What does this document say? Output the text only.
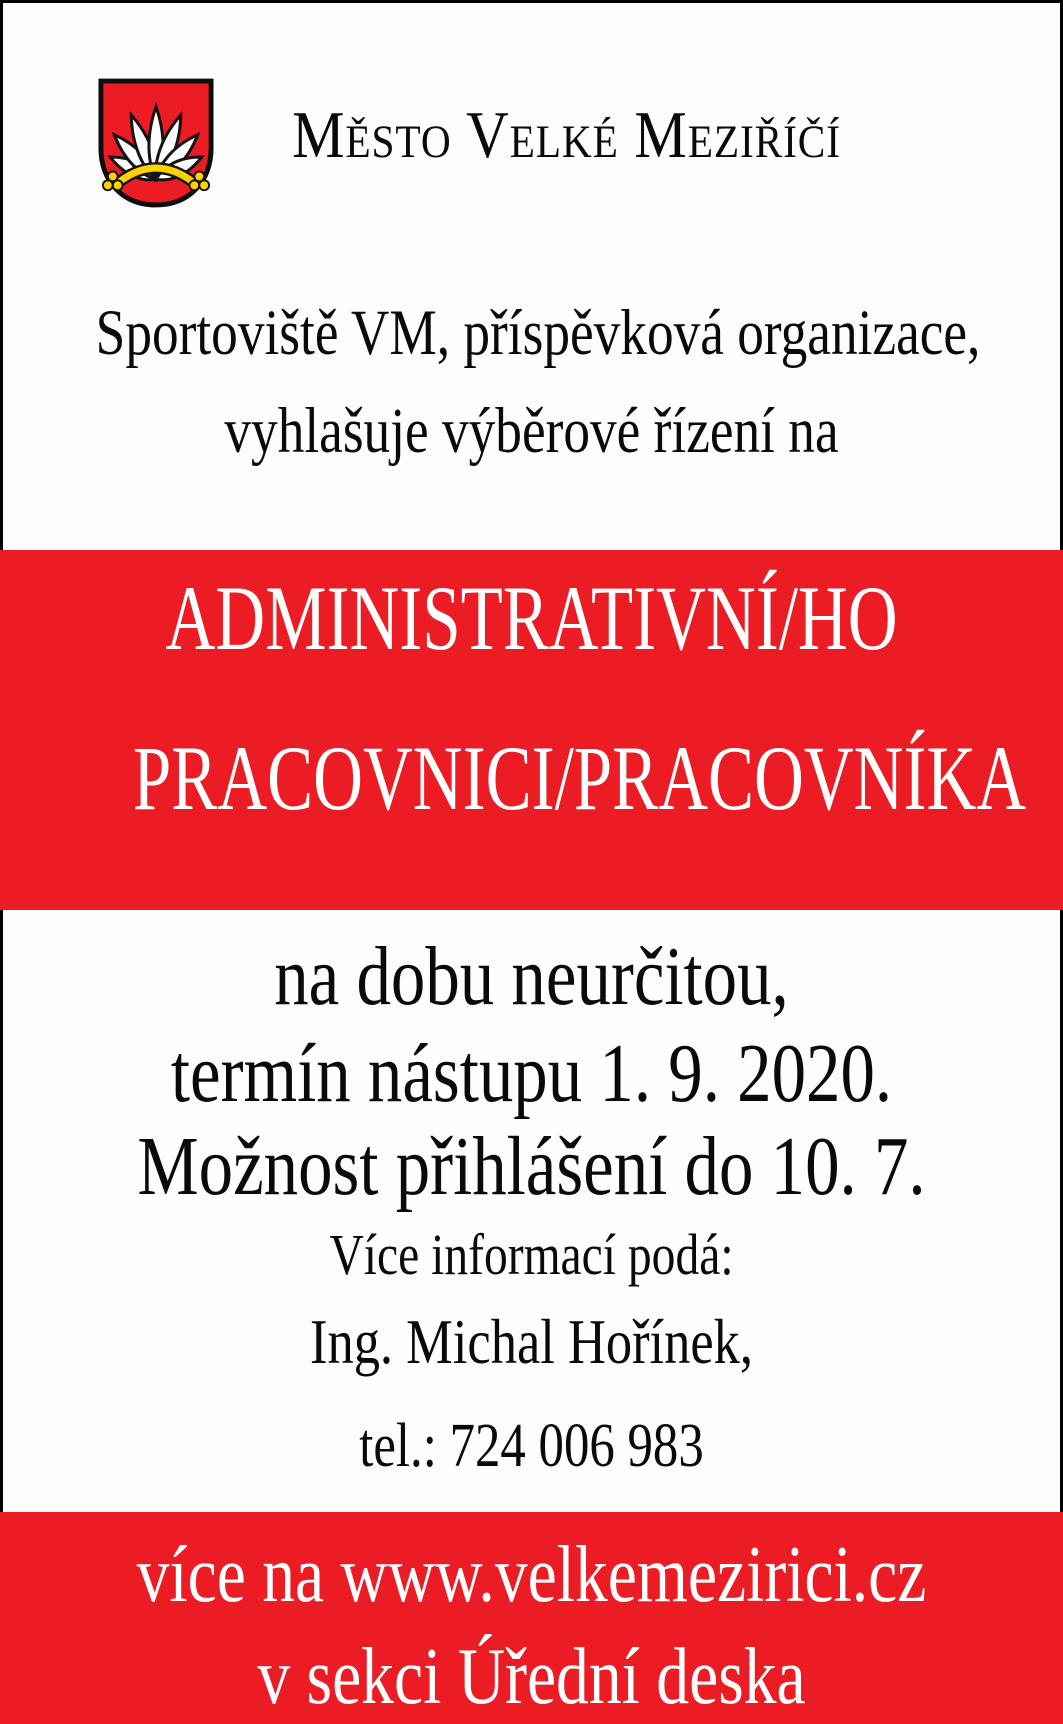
Město Velké Meziříčí
Sportoviště VM, příspěvková organizace,
vyhlašuje výběrové řízení na
ADMINISTRATIVNÍ/HO
PRACOVNICI/PRACOVNÍKA
na dobu neurčitou,
termín nástupu 1. 9. 2020.
Možnost přihlášení do 10. 7.
Více informací podá:
Ing. Michal Hořínek,
tel.: 724 006 983
více na www.velkemezirici.cz
v sekci Úřední deska
